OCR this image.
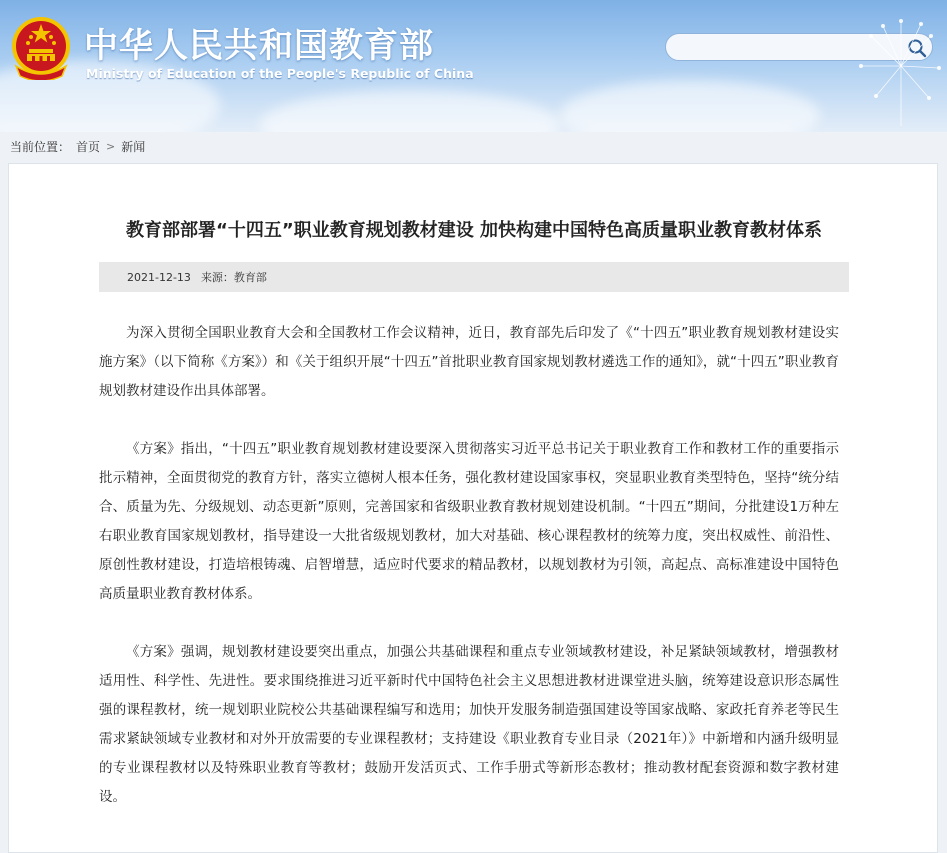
中华人民共和国教育部
Ministry of Education of the People's Republic of China
当前位置： 首页 > 新闻
教育部部署“十四五”职业教育规划教材建设 加快构建中国特色高质量职业教育教材体系
2021-12-13 来源：教育部

为深入贯彻全国职业教育大会和全国教材工作会议精神，近日，教育部先后印发了《“十四五”职业教育规划教材建设实施方案》（以下简称《方案》）和《关于组织开展“十四五”首批职业教育国家规划教材遴选工作的通知》，就“十四五”职业教育规划教材建设作出具体部署。

《方案》指出，“十四五”职业教育规划教材建设要深入贯彻落实习近平总书记关于职业教育工作和教材工作的重要指示批示精神，全面贯彻党的教育方针，落实立德树人根本任务，强化教材建设国家事权，突显职业教育类型特色，坚持“统分结合、质量为先、分级规划、动态更新”原则，完善国家和省级职业教育教材规划建设机制。“十四五”期间，分批建设1万种左右职业教育国家规划教材，指导建设一大批省级规划教材，加大对基础、核心课程教材的统筹力度，突出权威性、前沿性、原创性教材建设，打造培根铸魂、启智增慧，适应时代要求的精品教材，以规划教材为引领，高起点、高标准建设中国特色高质量职业教育教材体系。

《方案》强调，规划教材建设要突出重点，加强公共基础课程和重点专业领域教材建设，补足紧缺领域教材，增强教材适用性、科学性、先进性。要求围绕推进习近平新时代中国特色社会主义思想进教材进课堂进头脑，统筹建设意识形态属性强的课程教材，统一规划职业院校公共基础课程编写和选用；加快开发服务制造强国建设等国家战略、家政托育养老等民生需求紧缺领域专业教材和对外开放需要的专业课程教材；支持建设《职业教育专业目录（2021年）》中新增和内涵升级明显的专业课程教材以及特殊职业教育等教材；鼓励开发活页式、工作手册式等新形态教材；推动教材配套资源和数字教材建设。
